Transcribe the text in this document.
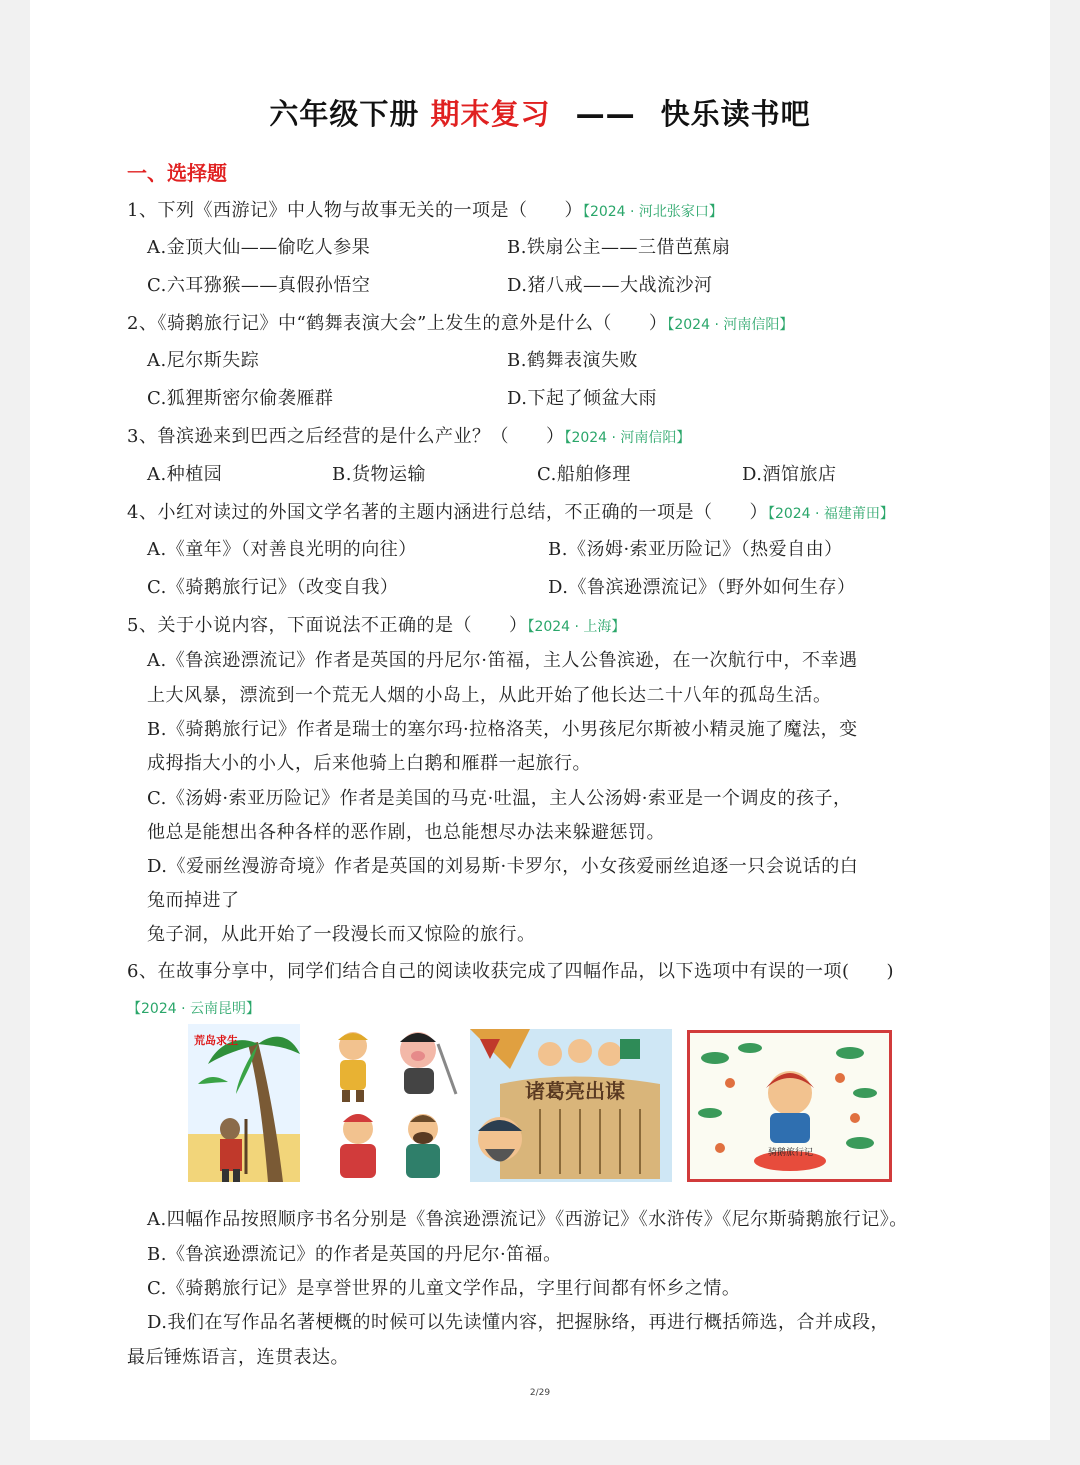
六年级下册 期末复习 —— 快乐读书吧
一、选择题
1、下列《西游记》中人物与故事无关的一项是（　　）【2024 · 河北张家口】
A.金顶大仙——偷吃人参果	B.铁扇公主——三借芭蕉扇
C.六耳猕猴——真假孙悟空	D.猪八戒——大战流沙河
2、《骑鹅旅行记》中“鹤舞表演大会”上发生的意外是什么（　　）【2024 · 河南信阳】
A.尼尔斯失踪	B.鹤舞表演失败
C.狐狸斯密尔偷袭雁群	D.下起了倾盆大雨
3、鲁滨逊来到巴西之后经营的是什么产业？（　　）【2024 · 河南信阳】
A.种植园	B.货物运输	C.船舶修理	D.酒馆旅店
4、小红对读过的外国文学名著的主题内涵进行总结，不正确的一项是（　　）【2024 · 福建莆田】
A.《童年》（对善良光明的向往）	B.《汤姆·索亚历险记》（热爱自由）
C.《骑鹅旅行记》（改变自我）	D.《鲁滨逊漂流记》（野外如何生存）
5、关于小说内容，下面说法不正确的是（　　）【2024 · 上海】
A.《鲁滨逊漂流记》作者是英国的丹尼尔·笛福，主人公鲁滨逊，在一次航行中，不幸遇
上大风暴，漂流到一个荒无人烟的小岛上，从此开始了他长达二十八年的孤岛生活。
B.《骑鹅旅行记》作者是瑞士的塞尔玛·拉格洛芙，小男孩尼尔斯被小精灵施了魔法，变
成拇指大小的小人，后来他骑上白鹅和雁群一起旅行。
C.《汤姆·索亚历险记》作者是美国的马克·吐温，主人公汤姆·索亚是一个调皮的孩子，
他总是能想出各种各样的恶作剧，也总能想尽办法来躲避惩罚。
D.《爱丽丝漫游奇境》作者是英国的刘易斯·卡罗尔，小女孩爱丽丝追逐一只会说话的白
兔而掉进了
兔子洞，从此开始了一段漫长而又惊险的旅行。
6、在故事分享中，同学们结合自己的阅读收获完成了四幅作品，以下选项中有误的一项(　　)
【2024 · 云南昆明】
荒岛求生
诸葛亮出谋
骑鹅旅行记
A.四幅作品按照顺序书名分别是《鲁滨逊漂流记》《西游记》《水浒传》《尼尔斯骑鹅旅行记》。
B.《鲁滨逊漂流记》的作者是英国的丹尼尔·笛福。
C.《骑鹅旅行记》是享誉世界的儿童文学作品，字里行间都有怀乡之情。
D.我们在写作品名著梗概的时候可以先读懂内容，把握脉络，再进行概括筛选，合并成段，
最后锤炼语言，连贯表达。
2/29
